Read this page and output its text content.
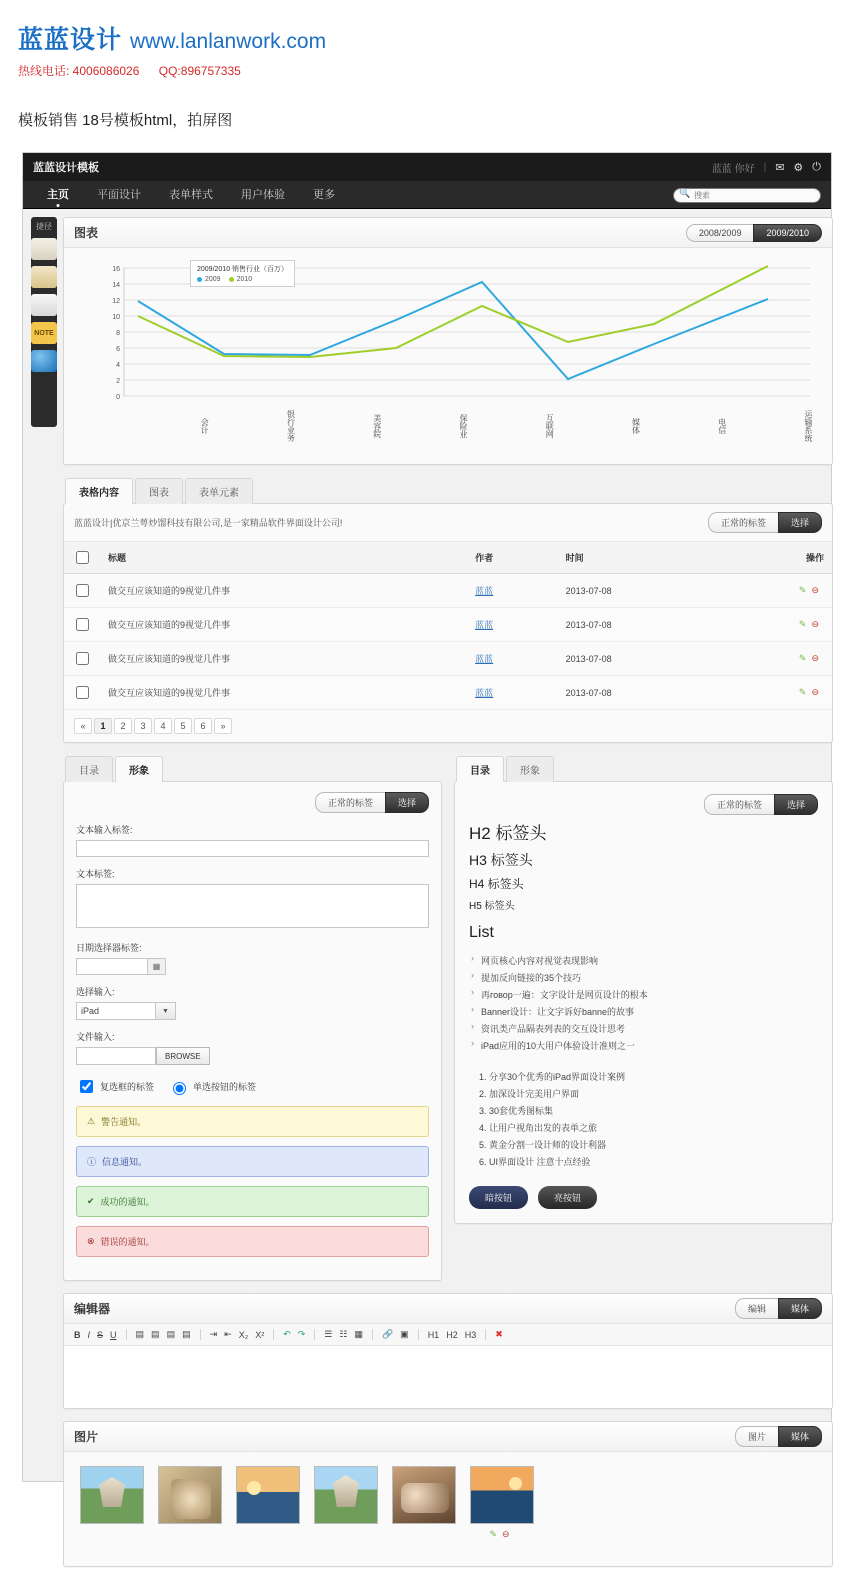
蓝蓝设计 www.lanlanwork.com
热线电话: 4006086026 QQ:896757335
模板销售 18号模板html，拍屏图
蓝蓝设计模板	蓝蓝 你好 | ✉ ⚙ ⏻
主页	平面设计	表单样式	用户体验	更多	🔍
搜索
捷径
NOTE
图表	2008/2009	2009/2010
16
14
12
10
8
6
4
2
0
2009/2010 销售行业（百万）
2009 2010
会计	银行业务	美容院	保险业	互联网	媒体	电信	运输系统
表格内容	图表	表单元素
蓝蓝设计|优京兰萼炒馏科技有限公司,是一家精品软件界面设计公司!	正常的标签	选择
	标题	作者	时间	操作
	做交互应该知道的9视觉几件事	蓝蓝	2013-07-08	✎ ⊖
	做交互应该知道的9视觉几件事	蓝蓝	2013-07-08	✎ ⊖
	做交互应该知道的9视觉几件事	蓝蓝	2013-07-08	✎ ⊖
	做交互应该知道的9视觉几件事	蓝蓝	2013-07-08	✎ ⊖
«	1	2	3	4	5	6	»
目录	形象
正常的标签	选择
文本输入标签:
文本标签:
日期选择器标签:
▦
选择输入:
iPad	▼
文件输入:
BROWSE
复选框的标签	单选按钮的标签
⚠ 警告通知。
ⓘ 信息通知。
✔ 成功的通知。
⊗ 错误的通知。
目录	形象
正常的标签	选择
H2 标签头
H3 标签头
H4 标签头
H5 标签头
List
› 网页核心内容对视觉表现影响
› 提加反向链接的35个技巧
› 再говор一遍：文字设计是网页设计的根本
› Banner设计：让文字诉好banne的故事
› 资讯类产品隔表列表的交互设计思考
› iPad应用的10大用户体验设计准则之一
1. 分享30个优秀的iPad界面设计案例
2. 加深设计完美用户界面
3. 30套优秀图标集
4. 让用户视角出发的表单之旅
5. 黄金分割一设计师的设计利器
6. UI界面设计 注意十点经验
暗按钮	亮按钮
编辑器	编辑	媒体
B I S U ▤ ▤ ▤ ▤ ⇥ ⇤ X₂ X² ↶ ↷ ☰ ☷ ▦ 🔗 ▣ H1 H2 H3 ✖
图片	图片	媒体
✎ ⊖
